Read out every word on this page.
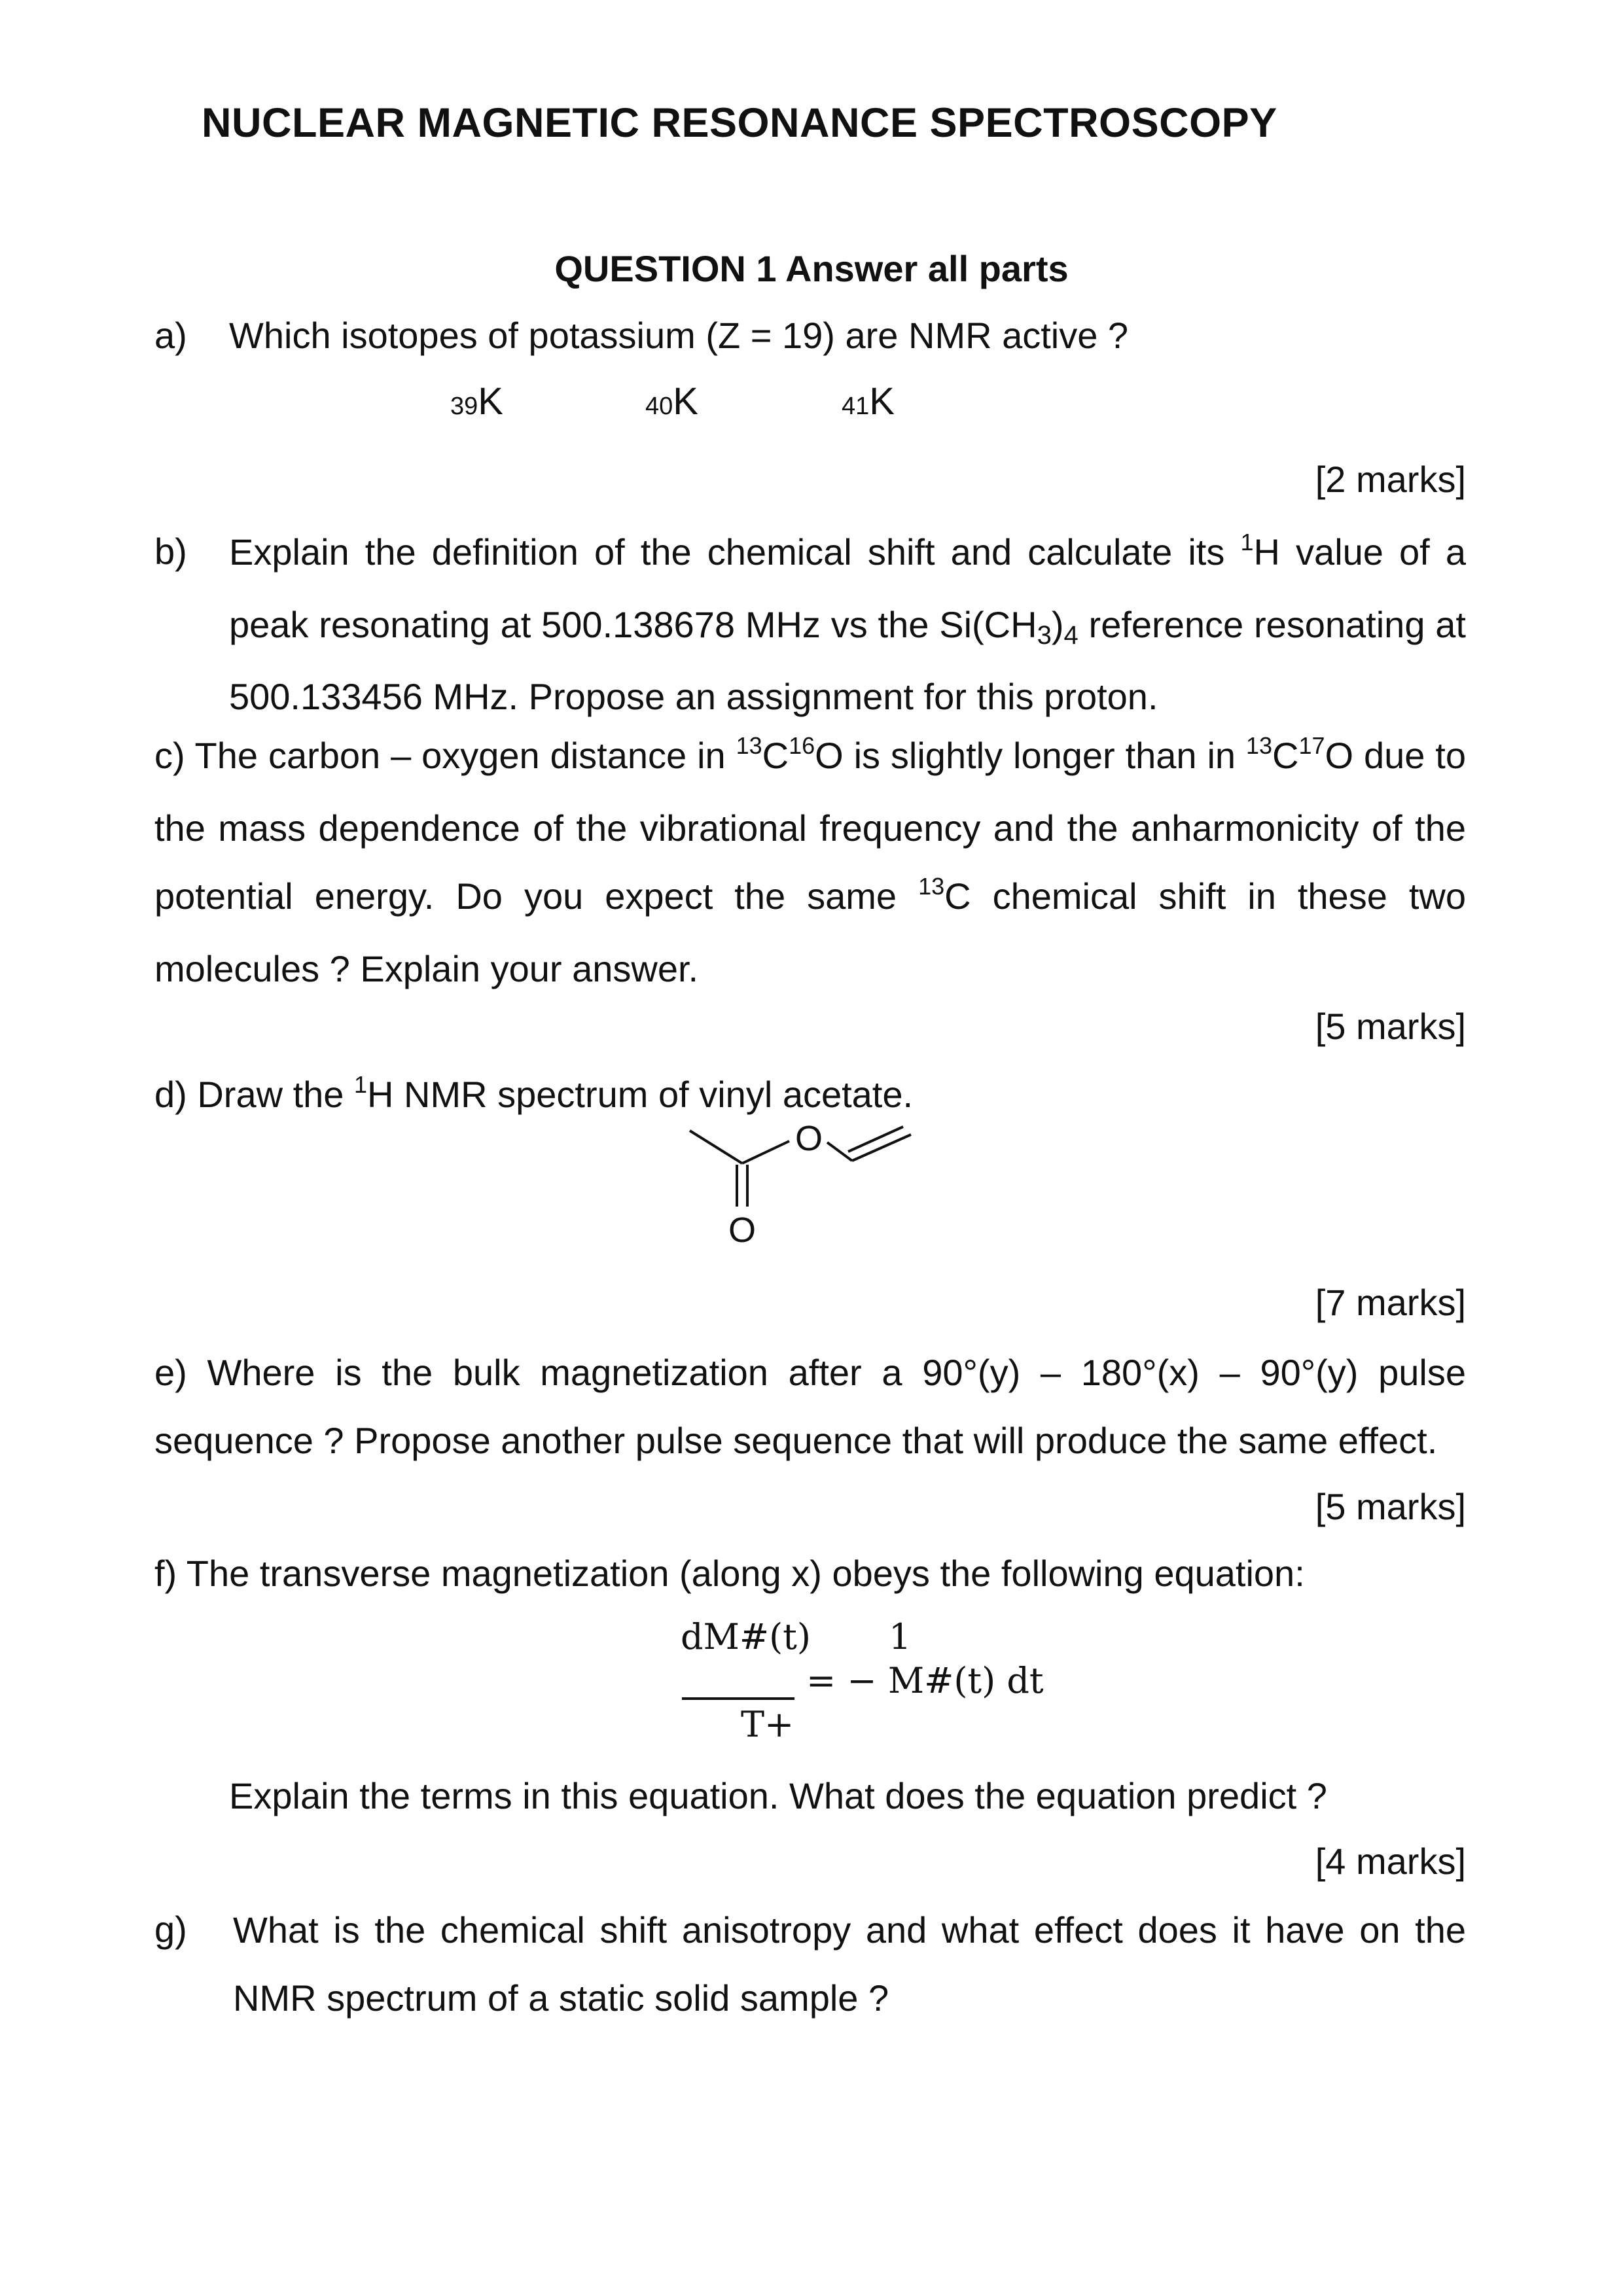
NUCLEAR MAGNETIC RESONANCE SPECTROSCOPY
QUESTION 1 Answer all parts
a) Which isotopes of potassium (Z = 19) are NMR active ?
39K	40K	41K
[2 marks]
b) Explain the definition of the chemical shift and calculate its $^1$H value of a peak resonating at 500.138678 MHz vs the $Si(CH_3)_4$ reference resonating at 500.133456 MHz. Propose an assignment for this proton.
c) The carbon – oxygen distance in $^{13}C^{16}O$ is slightly longer than in $^{13}C^{17}O$ due to the mass dependence of the vibrational frequency and the anharmonicity of the potential energy. Do you expect the same $^{13}$C chemical shift in these two molecules ? Explain your answer.
[5 marks]
d) Draw the $^1$H NMR spectrum of vinyl acetate.
O
O
[7 marks]
e) Where is the bulk magnetization after a 90°(y) – 180°(x) – 90°(y) pulse sequence ? Propose another pulse sequence that will produce the same effect.
[5 marks]
f) The transverse magnetization (along x) obeys the following equation:
dM#(t) 1
= − M#(t) dt
T+
Explain the terms in this equation. What does the equation predict ?
[4 marks]
g) What is the chemical shift anisotropy and what effect does it have on the NMR spectrum of a static solid sample ?
